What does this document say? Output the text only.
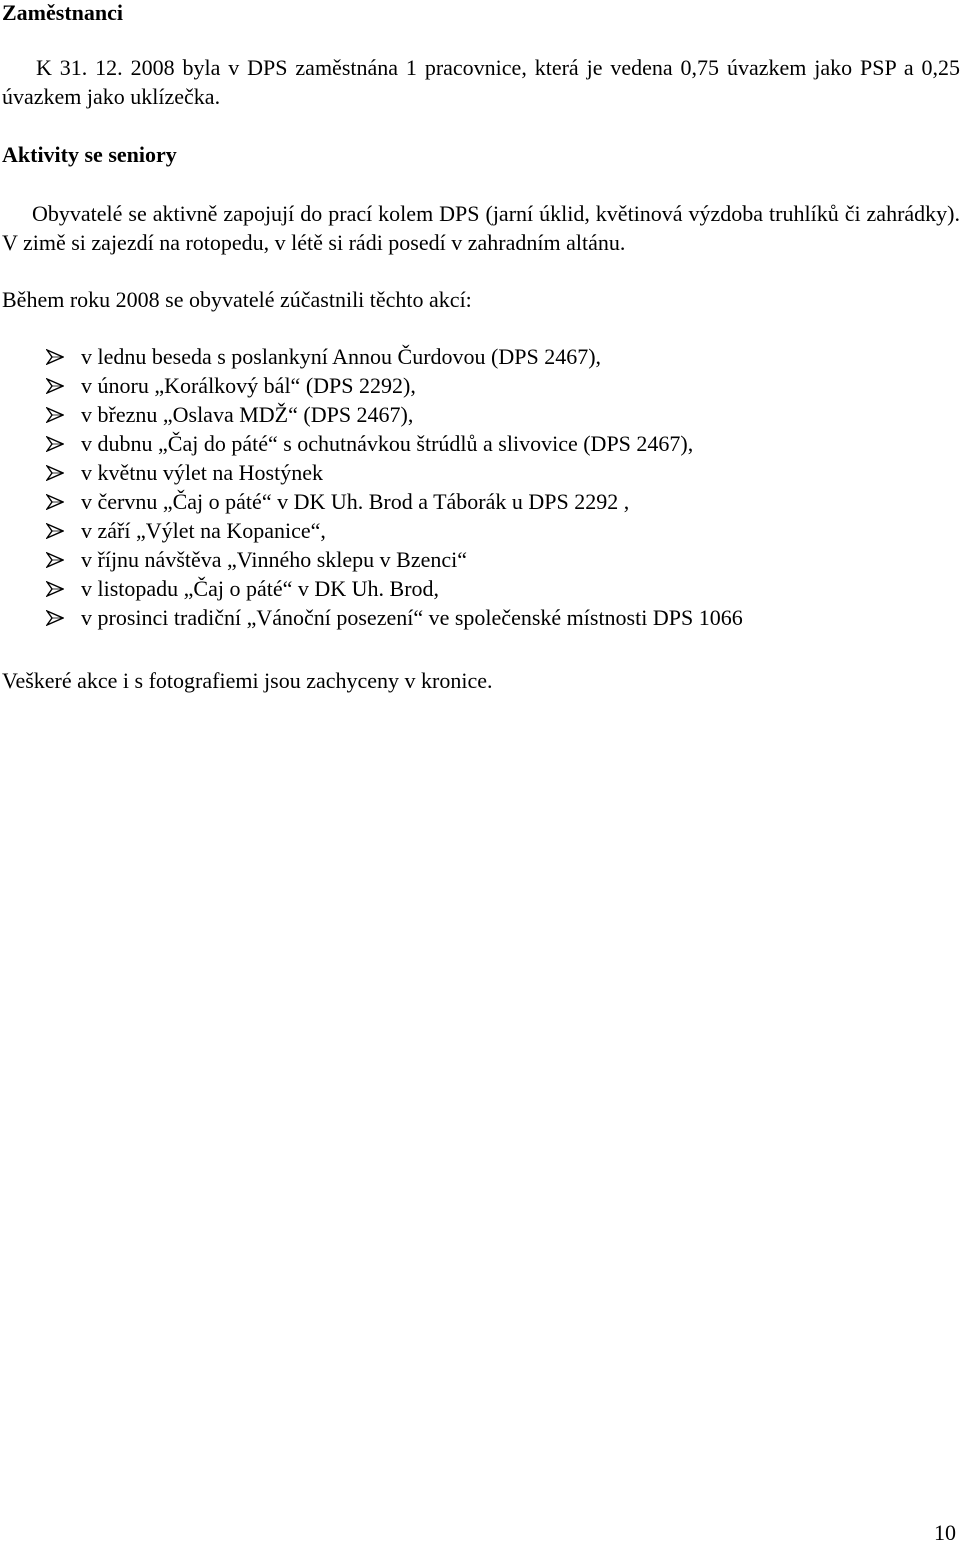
Zaměstnanci
K 31. 12. 2008 byla v DPS zaměstnána 1 pracovnice, která je vedena 0,75 úvazkem jako PSP a 0,25 úvazkem jako uklízečka.
Aktivity se seniory
Obyvatelé se aktivně zapojují do prací kolem DPS (jarní úklid, květinová výzdoba truhlíků či zahrádky). V zimě si zajezdí na rotopedu, v létě si rádi posedí v zahradním altánu.
Během roku 2008 se obyvatelé zúčastnili těchto akcí:
v lednu beseda s poslankyní Annou Čurdovou (DPS 2467),
v únoru „Korálkový bál“ (DPS 2292),
v březnu „Oslava MDŽ“ (DPS 2467),
v dubnu „Čaj do páté“ s ochutnávkou štrúdlů a slivovice (DPS 2467),
v květnu výlet na Hostýnek
v červnu „Čaj o páté“ v DK Uh. Brod a Táborák u DPS 2292 ,
v září „Výlet na Kopanice“,
v říjnu návštěva „Vinného sklepu v Bzenci“
v listopadu „Čaj o páté“ v DK Uh. Brod,
v prosinci tradiční „Vánoční posezení“ ve společenské místnosti DPS 1066
Veškeré akce i s fotografiemi jsou zachyceny v kronice.
10
